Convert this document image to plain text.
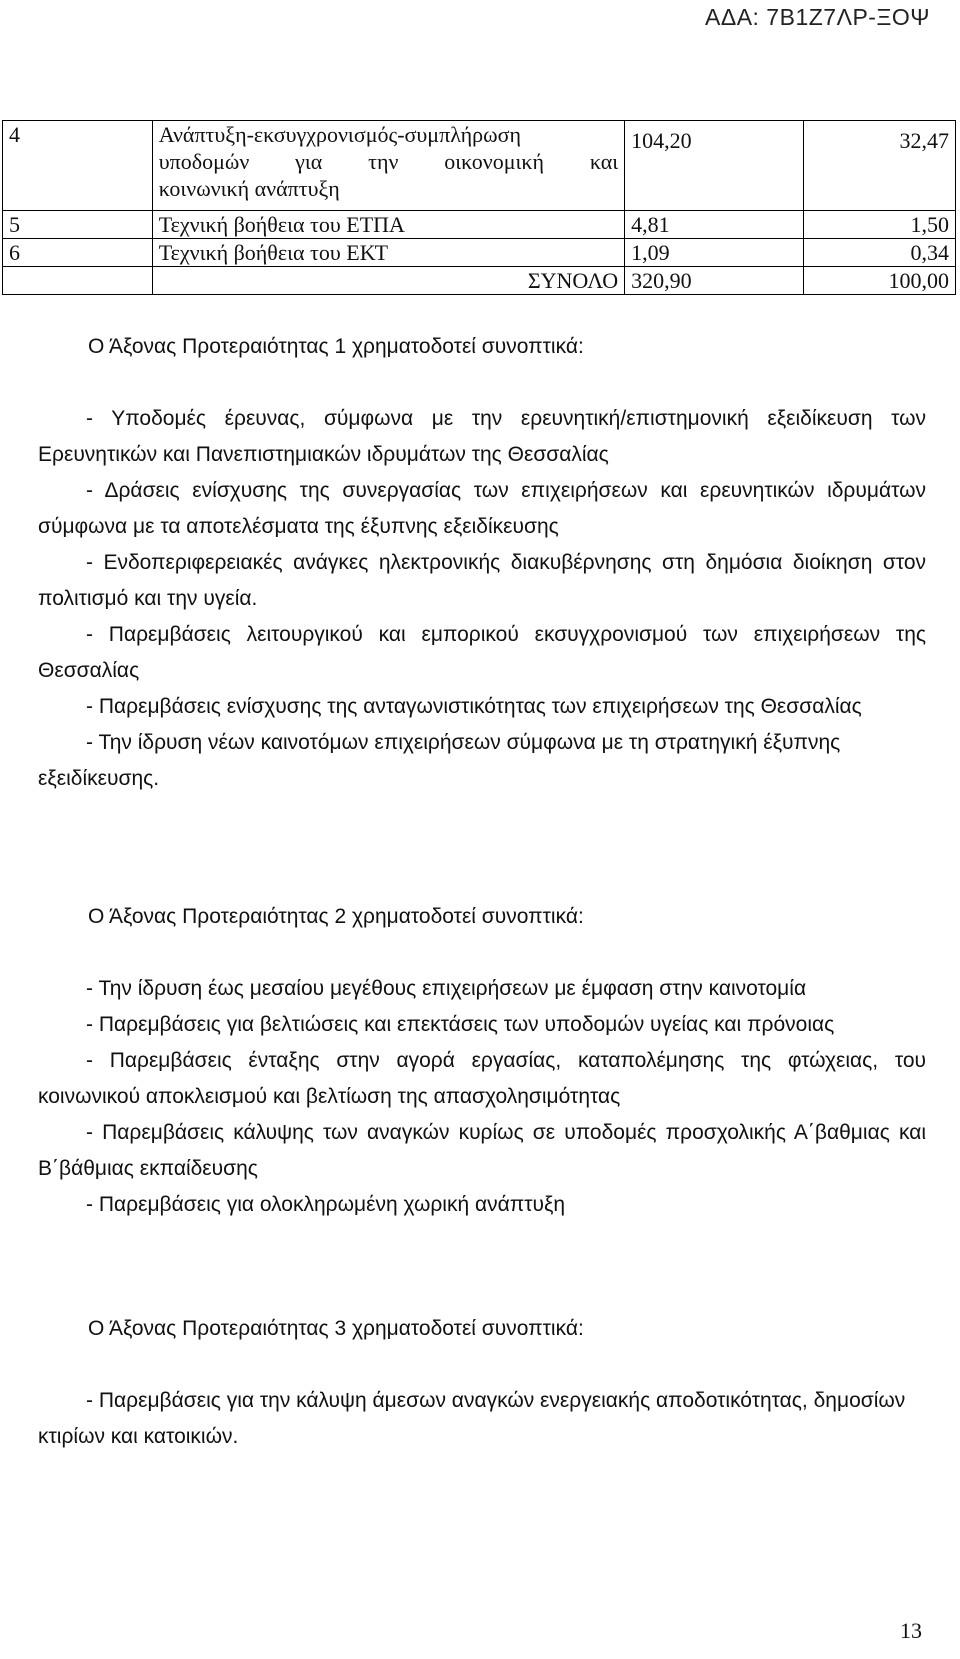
ΑΔΑ: 7Β1Ζ7ΛΡ-ΞΟΨ
4	Ανάπτυξη-εκσυγχρονισμός-συμπλήρωση
υποδομών για την οικονομική και
κοινωνική ανάπτυξη	104,20	32,47
5	Τεχνική βοήθεια του ΕΤΠΑ	4,81	1,50
6	Τεχνική βοήθεια του ΕΚΤ	1,09	0,34
	ΣΥΝΟΛΟ	320,90	100,00

Ο Άξονας Προτεραιότητας 1 χρηματοδοτεί συνοπτικά:

- Υποδομές έρευνας, σύμφωνα με την ερευνητική/επιστημονική εξειδίκευση των Ερευνητικών και Πανεπιστημιακών ιδρυμάτων της Θεσσαλίας

- Δράσεις ενίσχυσης της συνεργασίας των επιχειρήσεων και ερευνητικών ιδρυμάτων σύμφωνα με τα αποτελέσματα της έξυπνης εξειδίκευσης

- Ενδοπεριφερειακές ανάγκες ηλεκτρονικής διακυβέρνησης στη δημόσια διοίκηση στον πολιτισμό και την υγεία.

- Παρεμβάσεις λειτουργικού και εμπορικού εκσυγχρονισμού των επιχειρήσεων της Θεσσαλίας

- Παρεμβάσεις ενίσχυσης της ανταγωνιστικότητας των επιχειρήσεων της Θεσσαλίας

- Την ίδρυση νέων καινοτόμων επιχειρήσεων σύμφωνα με τη στρατηγική έξυπνης εξειδίκευσης.

Ο Άξονας Προτεραιότητας 2 χρηματοδοτεί συνοπτικά:

- Την ίδρυση έως μεσαίου μεγέθους επιχειρήσεων με έμφαση στην καινοτομία

- Παρεμβάσεις για βελτιώσεις και επεκτάσεις των υποδομών υγείας και πρόνοιας

- Παρεμβάσεις ένταξης στην αγορά εργασίας, καταπολέμησης της φτώχειας, του κοινωνικού αποκλεισμού και βελτίωση της απασχολησιμότητας

- Παρεμβάσεις κάλυψης των αναγκών κυρίως σε υποδομές προσχολικής Α΄βαθμιας και Β΄βάθμιας εκπαίδευσης

- Παρεμβάσεις για ολοκληρωμένη χωρική ανάπτυξη

Ο Άξονας Προτεραιότητας 3 χρηματοδοτεί συνοπτικά:

- Παρεμβάσεις για την κάλυψη άμεσων αναγκών ενεργειακής αποδοτικότητας, δημοσίων κτιρίων και κατοικιών.

13
